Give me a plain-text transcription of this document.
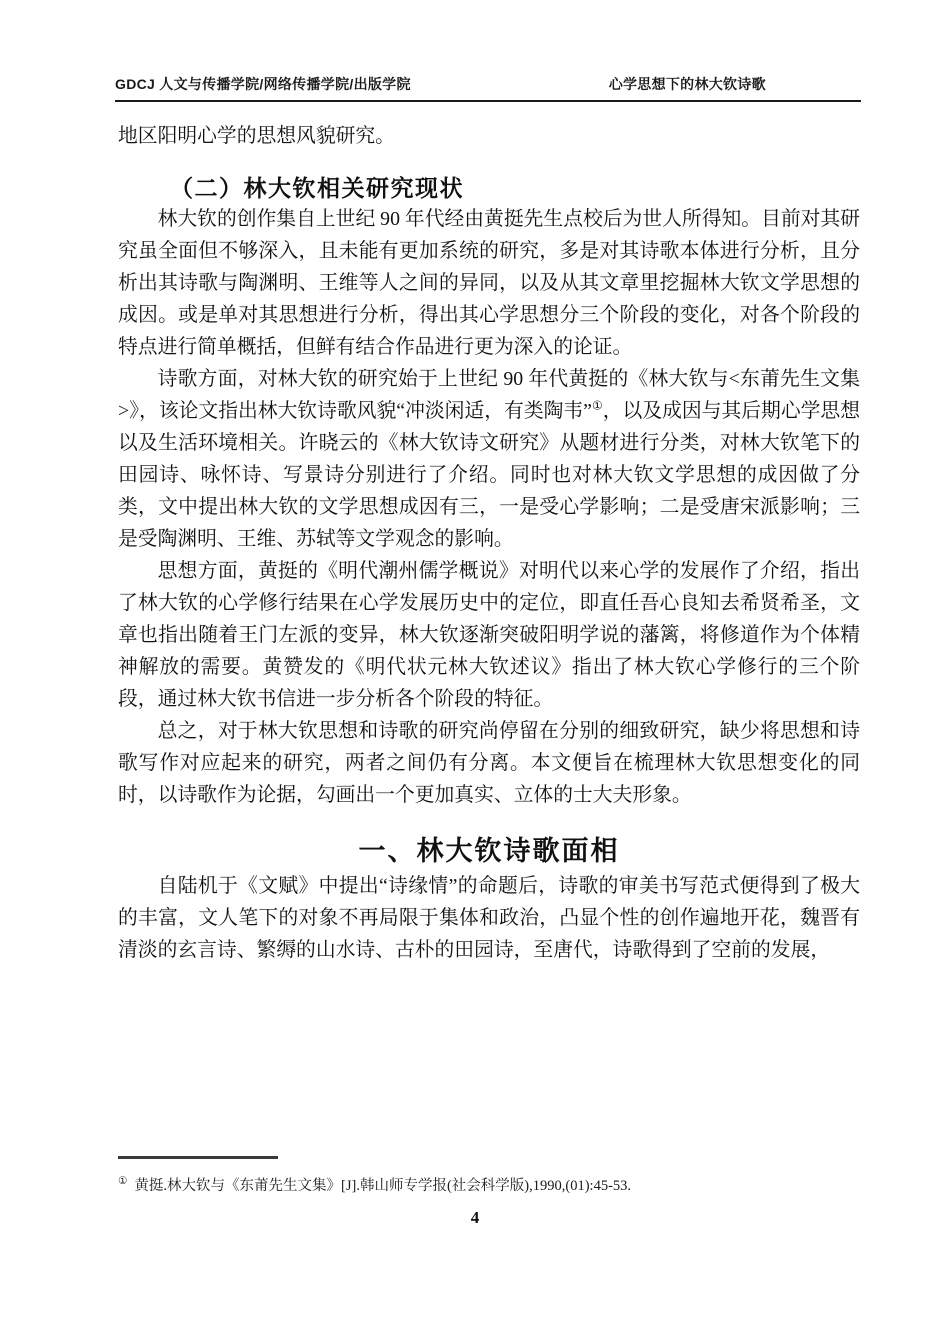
GDCJ 人文与传播学院/网络传播学院/出版学院	心学思想下的林大钦诗歌

地区阳明心学的思想风貌研究。

（二）林大钦相关研究现状

林大钦的创作集自上世纪 90 年代经由黄挺先生点校后为世人所得知。目前对其研究虽全面但不够深入，且未能有更加系统的研究，多是对其诗歌本体进行分析，且分析出其诗歌与陶渊明、王维等人之间的异同，以及从其文章里挖掘林大钦文学思想的成因。或是单对其思想进行分析，得出其心学思想分三个阶段的变化，对各个阶段的特点进行简单概括，但鲜有结合作品进行更为深入的论证。

诗歌方面，对林大钦的研究始于上世纪 90 年代黄挺的《林大钦与<东莆先生文集>》，该论文指出林大钦诗歌风貌“冲淡闲适，有类陶韦”①，以及成因与其后期心学思想以及生活环境相关。许晓云的《林大钦诗文研究》从题材进行分类，对林大钦笔下的田园诗、咏怀诗、写景诗分别进行了介绍。同时也对林大钦文学思想的成因做了分类，文中提出林大钦的文学思想成因有三，一是受心学影响；二是受唐宋派影响；三是受陶渊明、王维、苏轼等文学观念的影响。

思想方面，黄挺的《明代潮州儒学概说》对明代以来心学的发展作了介绍，指出了林大钦的心学修行结果在心学发展历史中的定位，即直任吾心良知去希贤希圣，文章也指出随着王门左派的变异，林大钦逐渐突破阳明学说的藩篱，将修道作为个体精神解放的需要。黄赞发的《明代状元林大钦述议》指出了林大钦心学修行的三个阶段，通过林大钦书信进一步分析各个阶段的特征。

总之，对于林大钦思想和诗歌的研究尚停留在分别的细致研究，缺少将思想和诗歌写作对应起来的研究，两者之间仍有分离。本文便旨在梳理林大钦思想变化的同时，以诗歌作为论据，勾画出一个更加真实、立体的士大夫形象。

一、林大钦诗歌面相

自陆机于《文赋》中提出“诗缘情”的命题后，诗歌的审美书写范式便得到了极大的丰富，文人笔下的对象不再局限于集体和政治，凸显个性的创作遍地开花，魏晋有清淡的玄言诗、繁缛的山水诗、古朴的田园诗，至唐代，诗歌得到了空前的发展，

① 黄挺.林大钦与《东莆先生文集》[J].韩山师专学报(社会科学版),1990,(01):45-53.
4
